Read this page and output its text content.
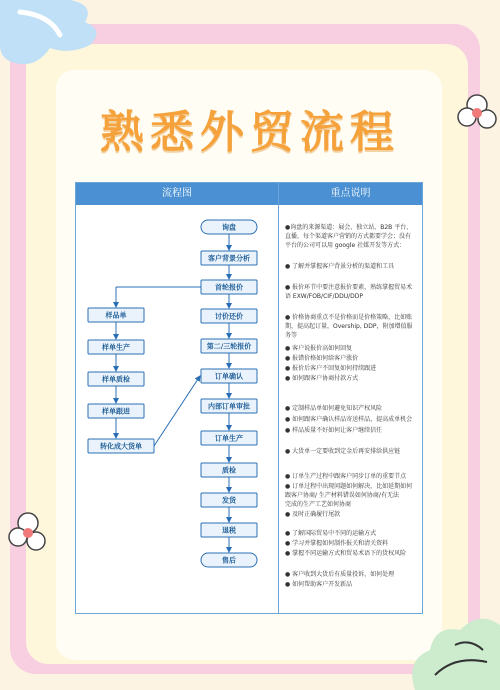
熟悉外贸流程
流程图	重点说明
询盘
客户背景分析
首轮报价
讨价还价
第二/三轮报价
订单确认
内部订单审批
订单生产
质检
发货
退税
售后
样品单
样单生产
样单质检
样单跟进
转化成大货单
●询盘的来源渠道：展会、独立站、B2B 平台、
直播，每个渠道客户营销的方式都要学会；没有
平台的公司可以用 google 社媒开发等方式：
● 了解并掌握客户背景分析的渠道和工具
● 报价环节中要注意报价要素，熟练掌握贸易术
语 EXW/FOB/CIF/DDU/DDP
● 价格协商重点不是价格而是价格策略，比如账
期，提高起订量，Overship, DDP，附加增值服
务等
● 客户说报价高如何回复
● 报错价格如何给客户涨价
● 报价后客户不回复如何持续跟进
● 如何跟客户协商付款方式
● 定制样品单如何避免知识产权风险
● 如何跟客户确认样品寄送样品，提高成单机会
● 样品质量不好如何让客户继续信任
● 大货单一定要收到定金后再安排给供应链
● 订单生产过程中跟客户同步订单的重要节点
● 订单过程中出现问题如何解决，比如延期如何
跟客户协商/ 生产材料错误如何协商/有无法
完成的生产工艺如何协商
● 及时正确履行尾款
● 了解国际贸易中不同的运输方式
● 学习并掌握如何制作报关和清关资料
● 掌握不同运输方式和贸易术语下的货权风险
● 客户收到大货后有质量投诉，如何处理
● 如何帮助客户开发新品
